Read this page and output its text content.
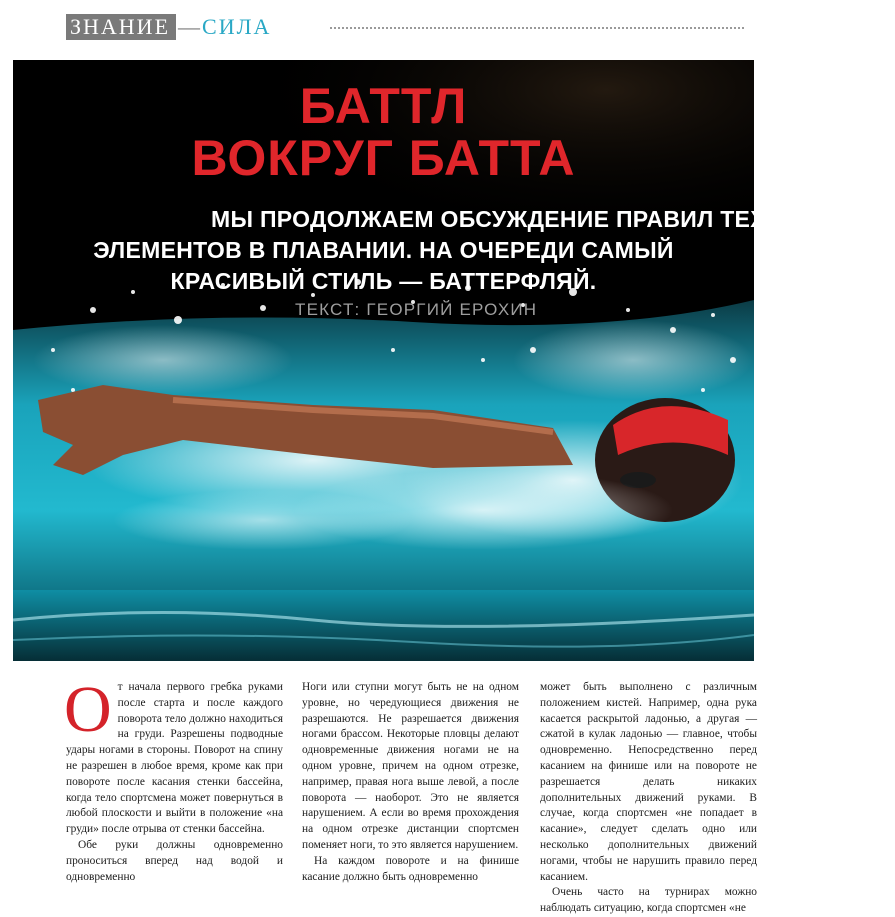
ЗНАНИЕ — СИЛА
БАТТЛ
ВОКРУГ БАТТА
МЫ ПРОДОЛЖАЕМ ОБСУЖДЕНИЕ ПРАВИЛ ТЕХНИЧЕСКИХ
ЭЛЕМЕНТОВ В ПЛАВАНИИ. НА ОЧЕРЕДИ САМЫЙ
КРАСИВЫЙ СТИЛЬ — БАТТЕРФЛЯЙ.
ТЕКСТ: ГЕОРГИЙ ЕРОХИН
О т начала первого гребка руками после старта и после каждого поворота тело должно находиться на груди. Разрешены подводные удары ногами в стороны. Поворот на спину не разрешен в любое время, кроме как при повороте после касания стенки бассейна, когда тело спортсмена может повернуться в любой плоскости и выйти в положение «на груди» после отрыва от стенки бассейна.

Обе руки должны одновременно проноситься вперед над водой и одновременно

Ноги или ступни могут быть не на одном уровне, но чередующиеся движения не разрешаются. Не разрешается движения ногами брассом. Некоторые пловцы делают одновременные движения ногами не на одном уровне, причем на одном отрезке, например, правая нога выше левой, а после поворота — наоборот. Это не является нарушением. А если во время прохождения на одном отрезке дистанции спортсмен поменяет ноги, то это является нарушением.

На каждом повороте и на финише касание должно быть одновременно

может быть выполнено с различным положением кистей. Например, одна рука касается раскрытой ладонью, а другая — сжатой в кулак ладонью — главное, чтобы одновременно. Непосредственно перед касанием на финише или на повороте не разрешается делать никаких дополнительных движений руками. В случае, когда спортсмен «не попадает в касание», следует сделать одно или несколько дополнительных движений ногами, чтобы не нарушить правило перед касанием.

Очень часто на турнирах можно наблюдать ситуацию, когда спортсмен «не
